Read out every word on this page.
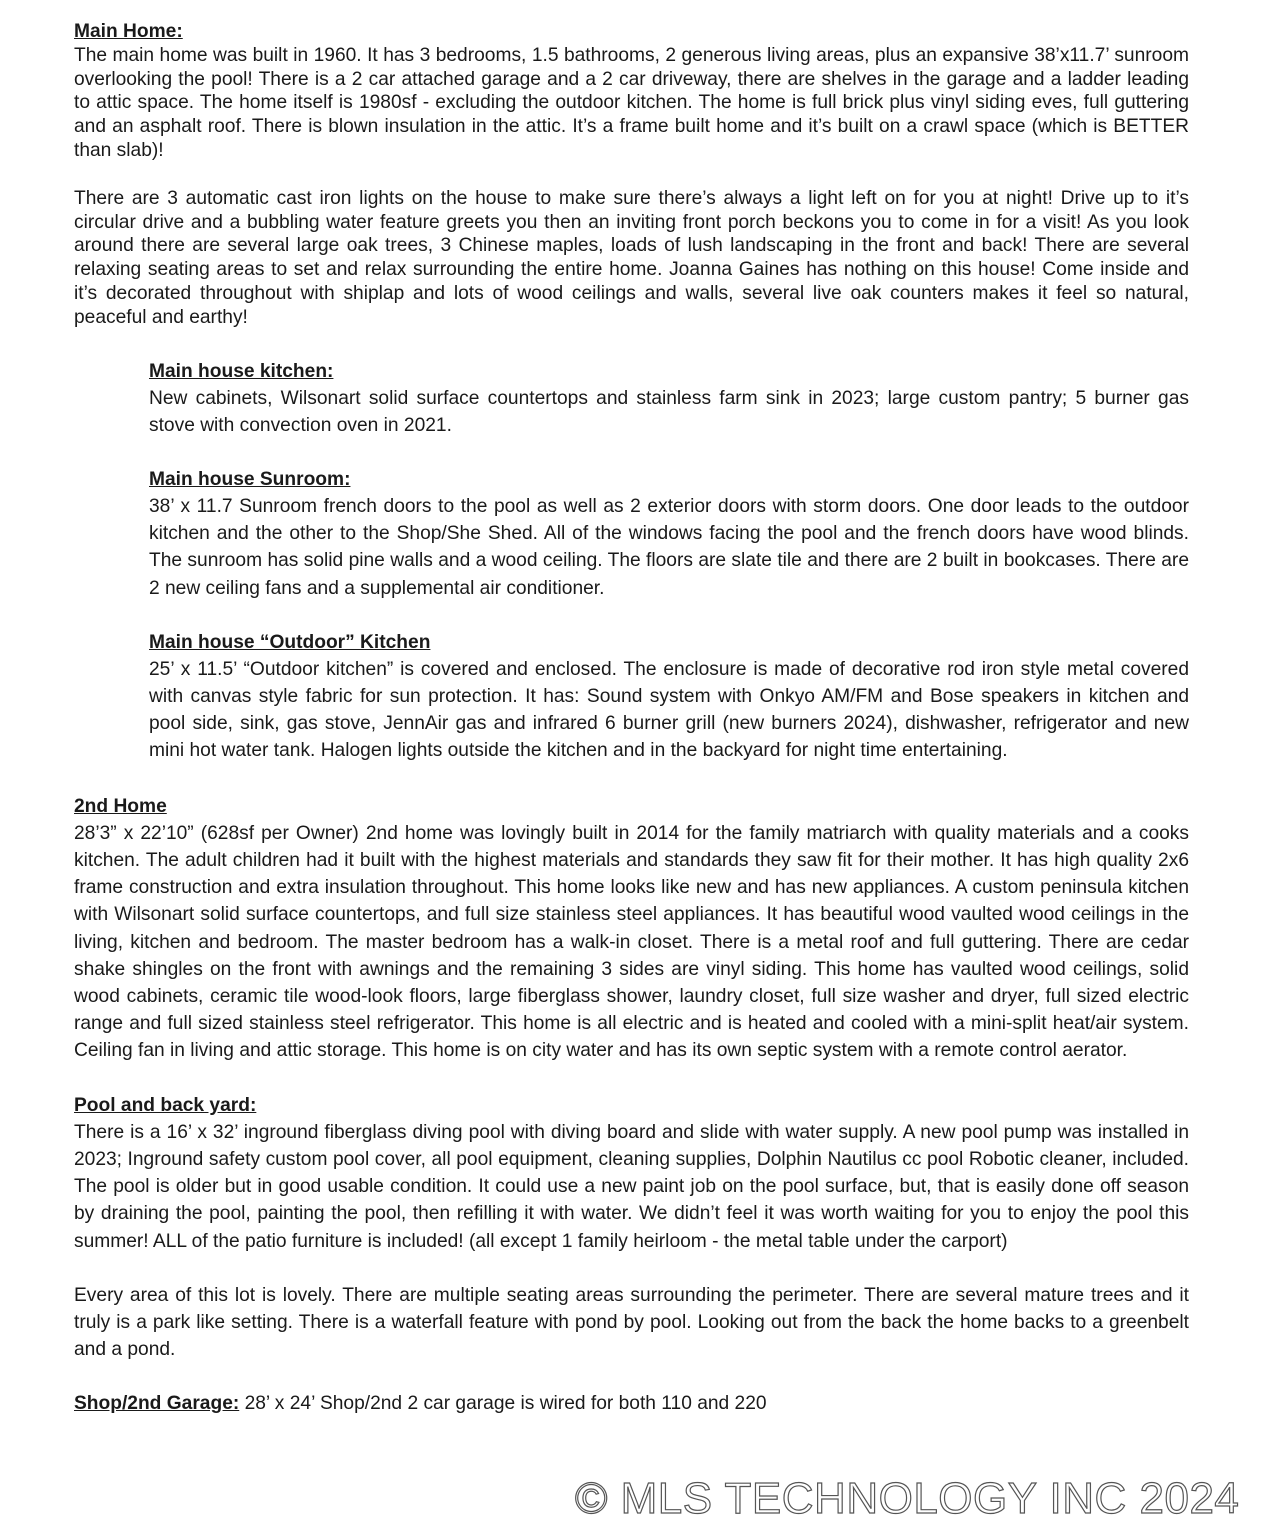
Main Home:

The main home was built in 1960. It has 3 bedrooms, 1.5 bathrooms, 2 generous living areas, plus an expansive 38’x11.7’ sunroom overlooking the pool! There is a 2 car attached garage and a 2 car driveway, there are shelves in the garage and a ladder leading to attic space. The home itself is 1980sf - excluding the outdoor kitchen. The home is full brick plus vinyl siding eves, full guttering and an asphalt roof. There is blown insulation in the attic. It’s a frame built home and it’s built on a crawl space (which is BETTER than slab)!

There are 3 automatic cast iron lights on the house to make sure there’s always a light left on for you at night! Drive up to it’s circular drive and a bubbling water feature greets you then an inviting front porch beckons you to come in for a visit! As you look around there are several large oak trees, 3 Chinese maples, loads of lush landscaping in the front and back! There are several relaxing seating areas to set and relax surrounding the entire home. Joanna Gaines has nothing on this house! Come inside and it’s decorated throughout with shiplap and lots of wood ceilings and walls, several live oak counters makes it feel so natural, peaceful and earthy!

Main house kitchen:

New cabinets, Wilsonart solid surface countertops and stainless farm sink in 2023; large custom pantry; 5 burner gas stove with convection oven in 2021.

Main house Sunroom:

38’ x 11.7 Sunroom french doors to the pool as well as 2 exterior doors with storm doors. One door leads to the outdoor kitchen and the other to the Shop/She Shed. All of the windows facing the pool and the french doors have wood blinds. The sunroom has solid pine walls and a wood ceiling. The floors are slate tile and there are 2 built in bookcases. There are 2 new ceiling fans and a supplemental air conditioner.

Main house “Outdoor” Kitchen

25’ x 11.5’ “Outdoor kitchen” is covered and enclosed. The enclosure is made of decorative rod iron style metal covered with canvas style fabric for sun protection. It has: Sound system with Onkyo AM/FM and Bose speakers in kitchen and pool side, sink, gas stove, JennAir gas and infrared 6 burner grill (new burners 2024), dishwasher, refrigerator and new mini hot water tank. Halogen lights outside the kitchen and in the backyard for night time entertaining.

2nd Home

28’3” x 22’10” (628sf per Owner) 2nd home was lovingly built in 2014 for the family matriarch with quality materials and a cooks kitchen. The adult children had it built with the highest materials and standards they saw fit for their mother. It has high quality 2x6 frame construction and extra insulation throughout. This home looks like new and has new appliances. A custom peninsula kitchen with Wilsonart solid surface countertops, and full size stainless steel appliances. It has beautiful wood vaulted wood ceilings in the living, kitchen and bedroom. The master bedroom has a walk-in closet. There is a metal roof and full guttering. There are cedar shake shingles on the front with awnings and the remaining 3 sides are vinyl siding. This home has vaulted wood ceilings, solid wood cabinets, ceramic tile wood-look floors, large fiberglass shower, laundry closet, full size washer and dryer, full sized electric range and full sized stainless steel refrigerator. This home is all electric and is heated and cooled with a mini-split heat/air system. Ceiling fan in living and attic storage. This home is on city water and has its own septic system with a remote control aerator.

Pool and back yard:

There is a 16’ x 32’ inground fiberglass diving pool with diving board and slide with water supply. A new pool pump was installed in 2023; Inground safety custom pool cover, all pool equipment, cleaning supplies, Dolphin Nautilus cc pool Robotic cleaner, included. The pool is older but in good usable condition. It could use a new paint job on the pool surface, but, that is easily done off season by draining the pool, painting the pool, then refilling it with water. We didn’t feel it was worth waiting for you to enjoy the pool this summer! ALL of the patio furniture is included! (all except 1 family heirloom - the metal table under the carport)

Every area of this lot is lovely. There are multiple seating areas surrounding the perimeter. There are several mature trees and it truly is a park like setting. There is a waterfall feature with pond by pool. Looking out from the back the home backs to a greenbelt and a pond.

Shop/2nd Garage: 28’ x 24’ Shop/2nd 2 car garage is wired for both 110 and 220
© MLS TECHNOLOGY INC 2024
